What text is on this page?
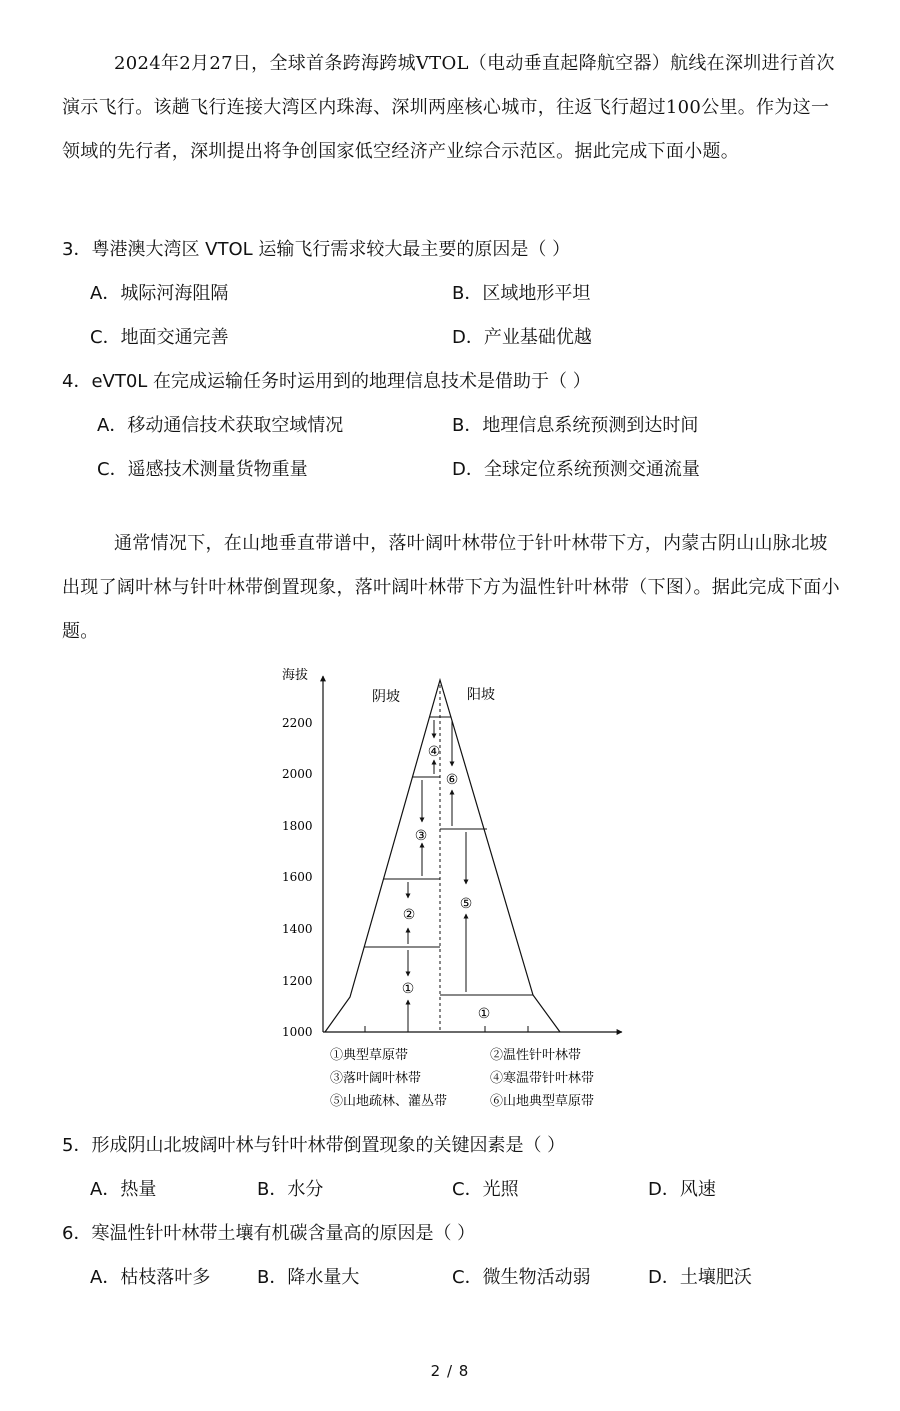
2024年2月27日，全球首条跨海跨城VTOL（电动垂直起降航空器）航线在深圳进行首次演示飞行。该趟飞行连接大湾区内珠海、深圳两座核心城市，往返飞行超过100公里。作为这一领域的先行者，深圳提出将争创国家低空经济产业综合示范区。据此完成下面小题。

3．粤港澳大湾区 VTOL 运输飞行需求较大最主要的原因是（ ）

A．城际河海阻隔	B．区域地形平坦

C．地面交通完善	D．产业基础优越

4．eVT0L 在完成运输任务时运用到的地理信息技术是借助于（ ）

A．移动通信技术获取空域情况	B．地理信息系统预测到达时间

C．遥感技术测量货物重量	D．全球定位系统预测交通流量

通常情况下，在山地垂直带谱中，落叶阔叶林带位于针叶林带下方，内蒙古阴山山脉北坡出现了阔叶林与针叶林带倒置现象，落叶阔叶林带下方为温性针叶林带（下图）。据此完成下面小题。

海拔
2200
2000
1800
1600
1400
1200
1000
④
⑥
③
②
⑤
①
①
阴坡	阳坡
①典型草原带	②温性针叶林带
③落叶阔叶林带	④寒温带针叶林带
⑤山地疏林、灌丛带	⑥山地典型草原带

5．形成阴山北坡阔叶林与针叶林带倒置现象的关键因素是（ ）

A．热量	B．水分	C．光照	D．风速

6．寒温性针叶林带土壤有机碳含量高的原因是（ ）

A．枯枝落叶多	B．降水量大	C．微生物活动弱	D．土壤肥沃

2 / 8
